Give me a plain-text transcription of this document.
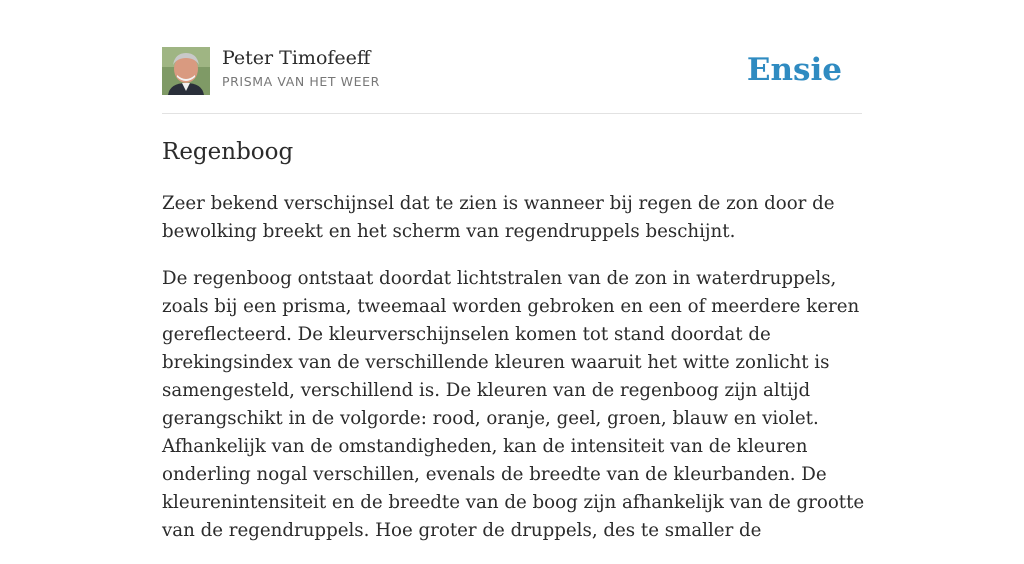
Peter Timofeeff
PRISMA VAN HET WEER	Ensie
Regenboog

Zeer bekend verschijnsel dat te zien is wanneer bij regen de zon door de bewolking breekt en het scherm van regendruppels beschijnt.

De regenboog ontstaat doordat lichtstralen van de zon in waterdruppels, zoals bij een prisma, tweemaal worden gebroken en een of meerdere keren gereflecteerd. De kleurverschijnselen komen tot stand doordat de brekingsindex van de verschillende kleuren waaruit het witte zonlicht is samengesteld, verschillend is. De kleuren van de regenboog zijn altijd gerangschikt in de volgorde: rood, oranje, geel, groen, blauw en violet. Afhankelijk van de omstandigheden, kan de intensiteit van de kleuren onderling nogal verschillen, evenals de breedte van de kleurbanden. De kleurenintensiteit en de breedte van de boog zijn afhankelijk van de grootte van de regendruppels. Hoe groter de druppels, des te smaller de
